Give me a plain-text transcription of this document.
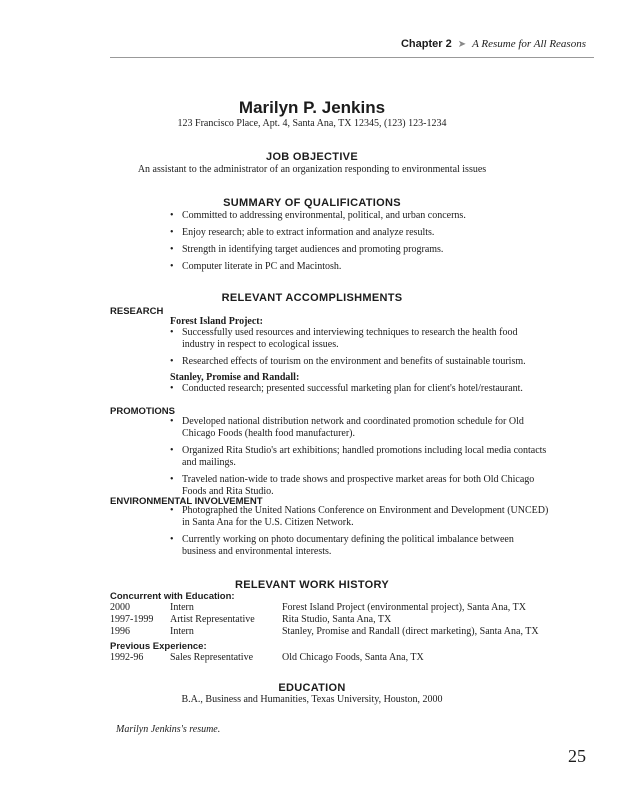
Chapter 2 ➤ A Resume for All Reasons
Marilyn P. Jenkins
123 Francisco Place, Apt. 4, Santa Ana, TX 12345, (123) 123-1234
JOB OBJECTIVE
An assistant to the administrator of an organization responding to environmental issues
SUMMARY OF QUALIFICATIONS
• Committed to addressing environmental, political, and urban concerns.
• Enjoy research; able to extract information and analyze results.
• Strength in identifying target audiences and promoting programs.
• Computer literate in PC and Macintosh.
RELEVANT ACCOMPLISHMENTS
RESEARCH
Forest Island Project:
• Successfully used resources and interviewing techniques to research the health food industry in respect to ecological issues.
• Researched effects of tourism on the environment and benefits of sustainable tourism.
Stanley, Promise and Randall:
• Conducted research; presented successful marketing plan for client's hotel/restaurant.
PROMOTIONS
• Developed national distribution network and coordinated promotion schedule for Old Chicago Foods (health food manufacturer).
• Organized Rita Studio's art exhibitions; handled promotions including local media contacts and mailings.
• Traveled nation-wide to trade shows and prospective market areas for both Old Chicago Foods and Rita Studio.
ENVIRONMENTAL INVOLVEMENT
• Photographed the United Nations Conference on Environment and Development (UNCED) in Santa Ana for the U.S. Citizen Network.
• Currently working on photo documentary defining the political imbalance between business and environmental interests.
RELEVANT WORK HISTORY
Concurrent with Education:
2000	Intern	Forest Island Project (environmental project), Santa Ana, TX
1997-1999 Artist Representative	Rita Studio, Santa Ana, TX
1996	Intern	Stanley, Promise and Randall (direct marketing), Santa Ana, TX
Previous Experience:
1992-96	Sales Representative	Old Chicago Foods, Santa Ana, TX
EDUCATION
B.A., Business and Humanities, Texas University, Houston, 2000
Marilyn Jenkins's resume.
25
